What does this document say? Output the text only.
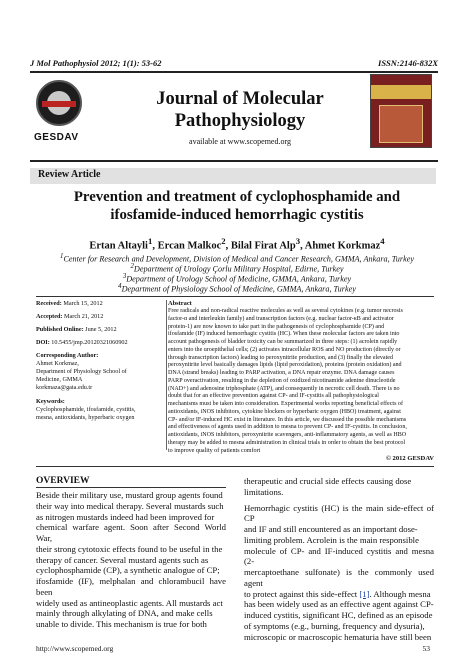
J Mol Pathophysiol 2012; 1(1): 53-62	ISSN:2146-832X
GESDAV
Journal of Molecular
Pathophysiology
available at www.scopemed.org
Review Article
Prevention and treatment of cyclophosphamide and
ifosfamide-induced hemorrhagic cystitis
Ertan Altayli$^1$, Ercan Malkoc$^2$, Bilal Firat Alp$^3$, Ahmet Korkmaz$^4$
$^1$Center for Research and Development, Division of Medical and Cancer Research, GMMA, Ankara, Turkey
$^2$Department of Urology Çorlu Military Hospital, Edirne, Turkey
$^3$Department of Urology School of Medicine, GMMA, Ankara, Turkey
$^4$Department of Physiology School of Medicine, GMMA, Ankara, Turkey
Received: March 15, 2012
Accepted: March 21, 2012
Published Online: June 5, 2012
DOI: 10.5455/jmp.20120321060902
Corresponding Author:
Ahmet Korkmaz,
Department of Physiology School of
Medicine, GMMA
korkmaza@gata.edu.tr
Keywords:
Cyclophosphamide, ifosfamide, cystitis,
mesna, antioxidants, hyperbaric oxygen
Abstract
Free radicals and non-radical reactive molecules as well as several cytokines (e.g. tumor necrosis
factor-α and interleukin family) and transcription factors (e.g. nuclear factor-κB and activator
protein-1) are now known to take part in the pathogenesis of cyclophosphamide (CP) and
ifosfamide (IF) induced hemorrhagic cystitis (HC). When these molecular factors are taken into
account pathogenesis of bladder toxicity can be summarized in three steps: (1) acrolein rapidly
enters into the uroepithelial cells; (2) activates intracellular ROS and NO production (directly or
through transcription factors) leading to peroxynitrite production, and (3) finally the elevated
peroxynitrite level basically damages lipids (lipid peroxidation), proteins (protein oxidation) and
DNA (strand breaks) leading to PARP activation, a DNA repair enzyme. DNA damage causes
PARP overactivation, resulting in the depletion of oxidized nicotinamide adenine dinucleotide
(NAD+) and adenosine triphosphate (ATP), and consequently in necrotic cell death. There is no
doubt that for an effective prevention against CP- and IF-cystitis all pathophysiological
mechanisms must be taken into consideration. Experimental works reporting beneficial effects of
antioxidants, iNOS inhibitors, cytokine blockers or hyperbaric oxygen (HBO) treatment, against
CP- and/or IF-induced HC exist in literature. In this article, we discussed the possible mechanisms
and effectiveness of agents used in addition to mesna to prevent CP- and IF-cystitis. In conclusion,
antioxidants, iNOS inhibitors, peroxynitrite scavengers, anti-inflammatory agents, as well as HBO
therapy may be added to mesna administration in clinical trials in order to obtain the best protocol
to improve quality of patients comfort
© 2012 GESDAV
OVERVIEW
Beside their military use, mustard group agents found
their way into medical therapy. Several mustards such
as nitrogen mustards indeed had been improved for
chemical warfare agent. Soon after Second World War,
their strong cytotoxic effects found to be useful in the
therapy of cancer. Several mustard agents such as
cyclophosphamide (CP), a synthetic analogue of CP;
ifosfamide (IF), melphalan and chlorambucil have been
widely used as antineoplastic agents. All mustards act
mainly through alkylating of DNA, and make cells
unable to divide. This mechanism is true for both
therapeutic and crucial side effects causing dose
limitations.
Hemorrhagic cystitis (HC) is the main side-effect of CP
and IF and still encountered as an important dose-
limiting problem. Acrolein is the main responsible
molecule of CP- and IF-induced cystitis and mesna (2-
mercaptoethane sulfonate) is the commonly used agent
to protect against this side-effect [1]. Although mesna
has been widely used as an effective agent against CP-
induced cystitis, significant HC, defined as an episode
of symptoms (e.g., burning, frequency and dysuria),
microscopic or macroscopic hematuria have still been
http://www.scopemed.org	53
